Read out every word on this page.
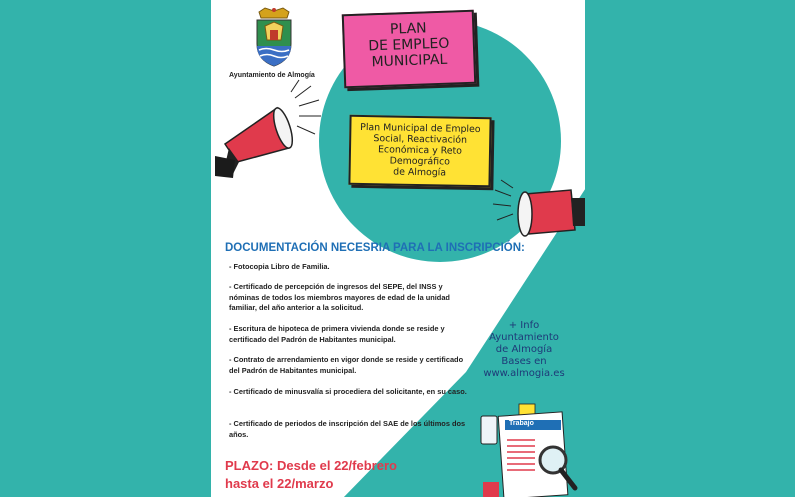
Ayuntamiento de Almogía
PLAN
DE EMPLEO
MUNICIPAL
Plan Municipal de Empleo
Social, Reactivación
Económica y Reto
Demográfico
de Almogía
DOCUMENTACIÓN NECESRIA PARA LA INSCRIPCIÓN:
- Fotocopia Libro de Familia.
- Certificado de percepción de ingresos del SEPE, del INSS y nóminas de todos los miembros mayores de edad de la unidad familiar, del año anterior a la solicitud.
- Escritura de hipoteca de primera vivienda donde se reside y certificado del Padrón de Habitantes municipal.
- Contrato de arrendamiento en vigor donde se reside y certificado del Padrón de Habitantes municipal.
- Certificado de minusvalía si procediera del solicitante, en su caso.
- Certificado de periodos de inscripción del SAE de los últimos dos años.
+ Info
Ayuntamiento
de Almogía
Bases en
www.almogia.es
Trabajo
PLAZO: Desde el 22/febrero
hasta el 22/marzo
